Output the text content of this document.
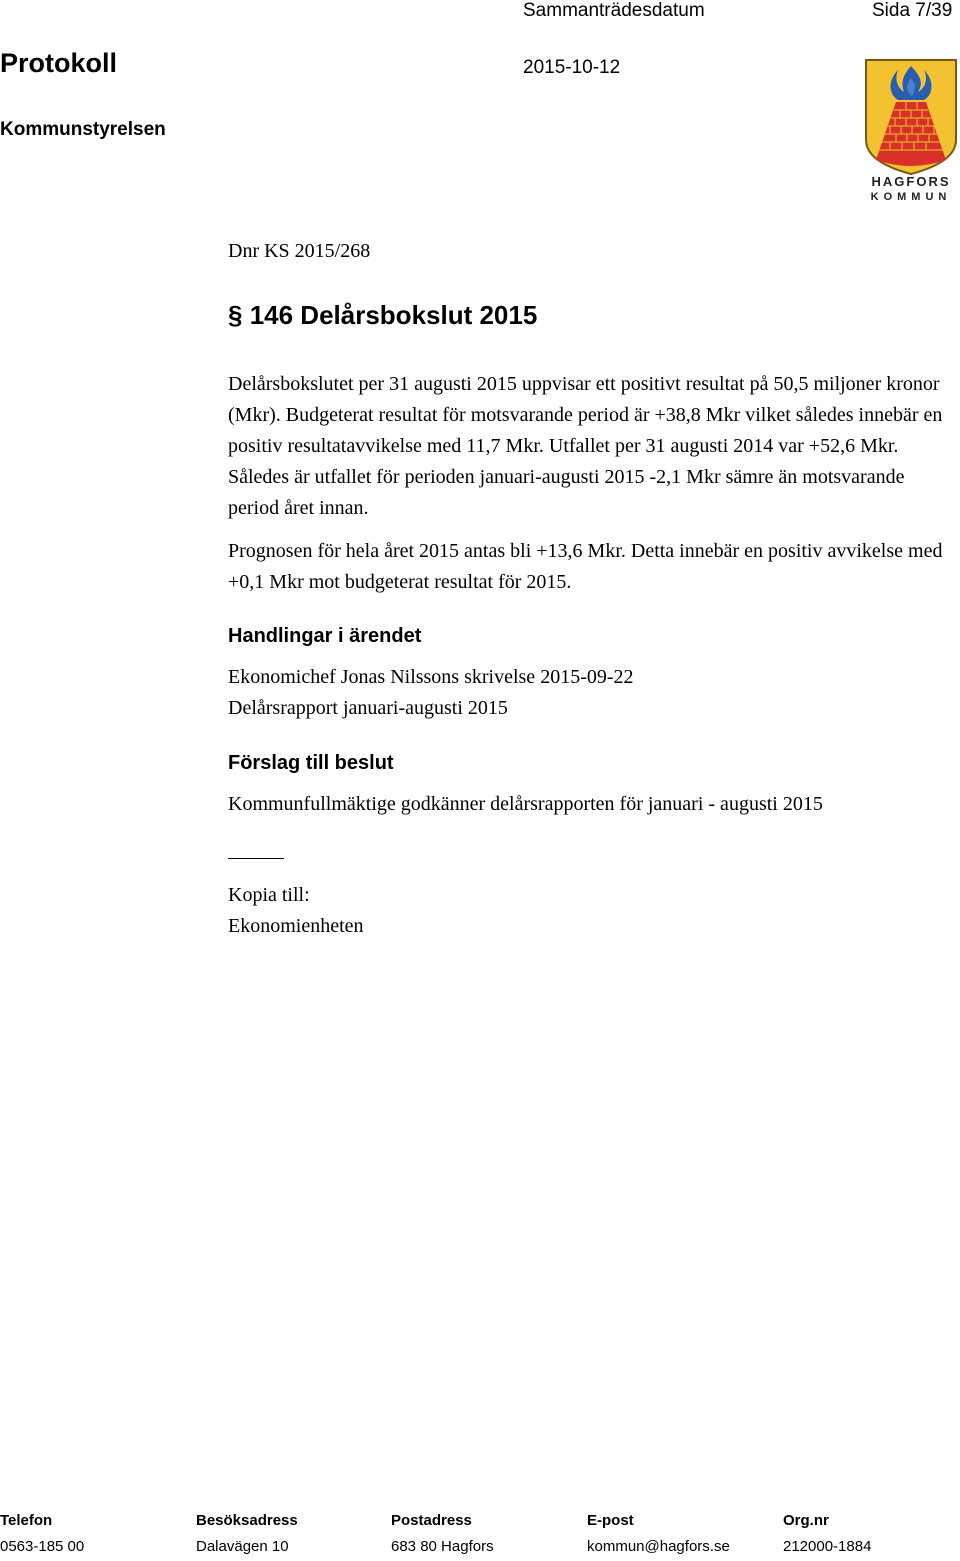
Sammanträdesdatum	Sida 7/39
Protokoll	2015-10-12
Kommunstyrelsen
HAGFORS
KOMMUN
Dnr KS 2015/268
§ 146 Delårsbokslut 2015

Delårsbokslutet per 31 augusti 2015 uppvisar ett positivt resultat på 50,5 miljoner kronor (Mkr). Budgeterat resultat för motsvarande period är +38,8 Mkr vilket således innebär en positiv resultatavvikelse med 11,7 Mkr. Utfallet per 31 augusti 2014 var +52,6 Mkr. Således är utfallet för perioden januari-augusti 2015 -2,1 Mkr sämre än motsvarande period året innan.

Prognosen för hela året 2015 antas bli +13,6 Mkr. Detta innebär en positiv avvikelse med +0,1 Mkr mot budgeterat resultat för 2015.

Handlingar i ärendet

Ekonomichef Jonas Nilssons skrivelse 2015-09-22

Delårsrapport januari-augusti 2015

Förslag till beslut

Kommunfullmäktige godkänner delårsrapporten för januari - augusti 2015

Kopia till:

Ekonomienheten

Telefon	Besöksadress	Postadress	E-post	Org.nr
0563-185 00	Dalavägen 10	683 80 Hagfors	kommun@hagfors.se	212000-1884
